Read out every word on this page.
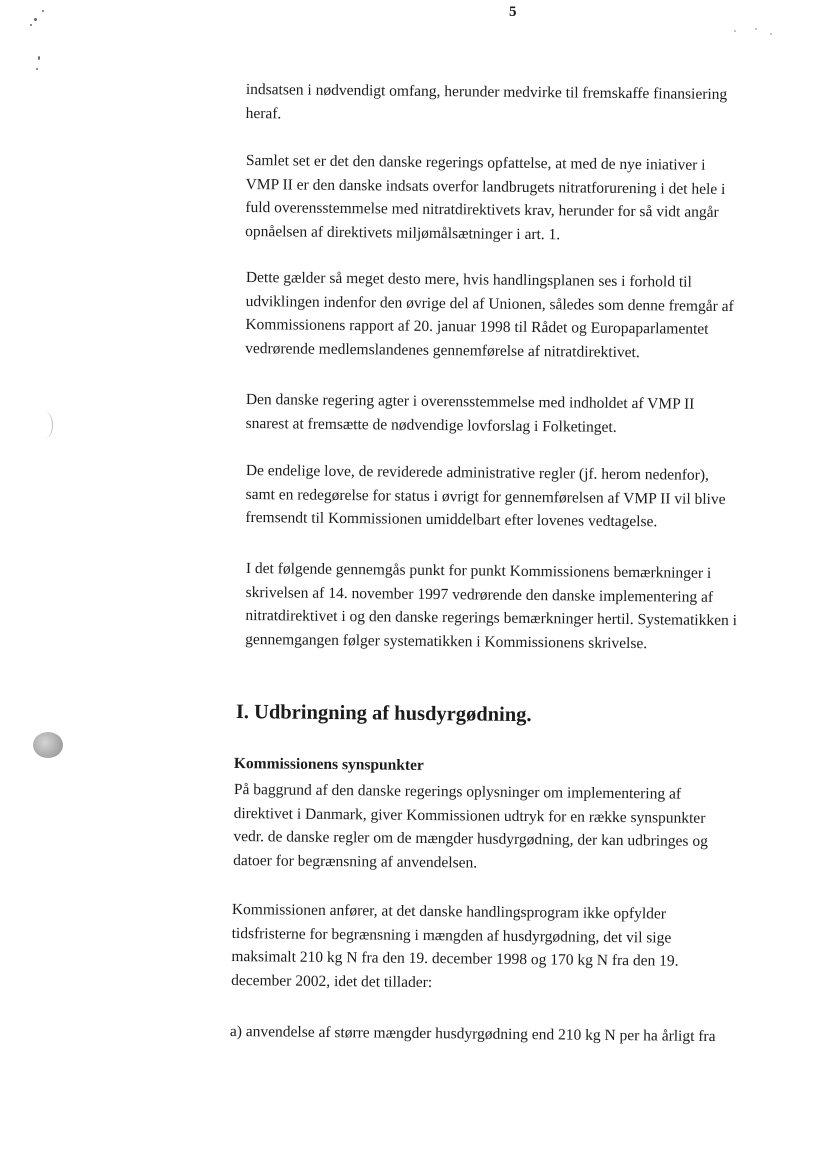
5

indsatsen i nødvendigt omfang, herunder medvirke til fremskaffe finansiering
heraf.

Samlet set er det den danske regerings opfattelse, at med de nye iniativer i
VMP II er den danske indsats overfor landbrugets nitratforurening i det hele i
fuld overensstemmelse med nitratdirektivets krav, herunder for så vidt angår
opnåelsen af direktivets miljømålsætninger i art. 1.

Dette gælder så meget desto mere, hvis handlingsplanen ses i forhold til
udviklingen indenfor den øvrige del af Unionen, således som denne fremgår af
Kommissionens rapport af 20. januar 1998 til Rådet og Europaparlamentet
vedrørende medlemslandenes gennemførelse af nitratdirektivet.

Den danske regering agter i overensstemmelse med indholdet af VMP II
snarest at fremsætte de nødvendige lovforslag i Folketinget.

De endelige love, de reviderede administrative regler (jf. herom nedenfor),
samt en redegørelse for status i øvrigt for gennemførelsen af VMP II vil blive
fremsendt til Kommissionen umiddelbart efter lovenes vedtagelse.

I det følgende gennemgås punkt for punkt Kommissionens bemærkninger i
skrivelsen af 14. november 1997 vedrørende den danske implementering af
nitratdirektivet i og den danske regerings bemærkninger hertil. Systematikken i
gennemgangen følger systematikken i Kommissionens skrivelse.

I. Udbringning af husdyrgødning.
Kommissionens synspunkter

På baggrund af den danske regerings oplysninger om implementering af
direktivet i Danmark, giver Kommissionen udtryk for en række synspunkter
vedr. de danske regler om de mængder husdyrgødning, der kan udbringes og
datoer for begrænsning af anvendelsen.

Kommissionen anfører, at det danske handlingsprogram ikke opfylder
tidsfristerne for begrænsning i mængden af husdyrgødning, det vil sige
maksimalt 210 kg N fra den 19. december 1998 og 170 kg N fra den 19.
december 2002, idet det tillader:

a) anvendelse af større mængder husdyrgødning end 210 kg N per ha årligt fra
